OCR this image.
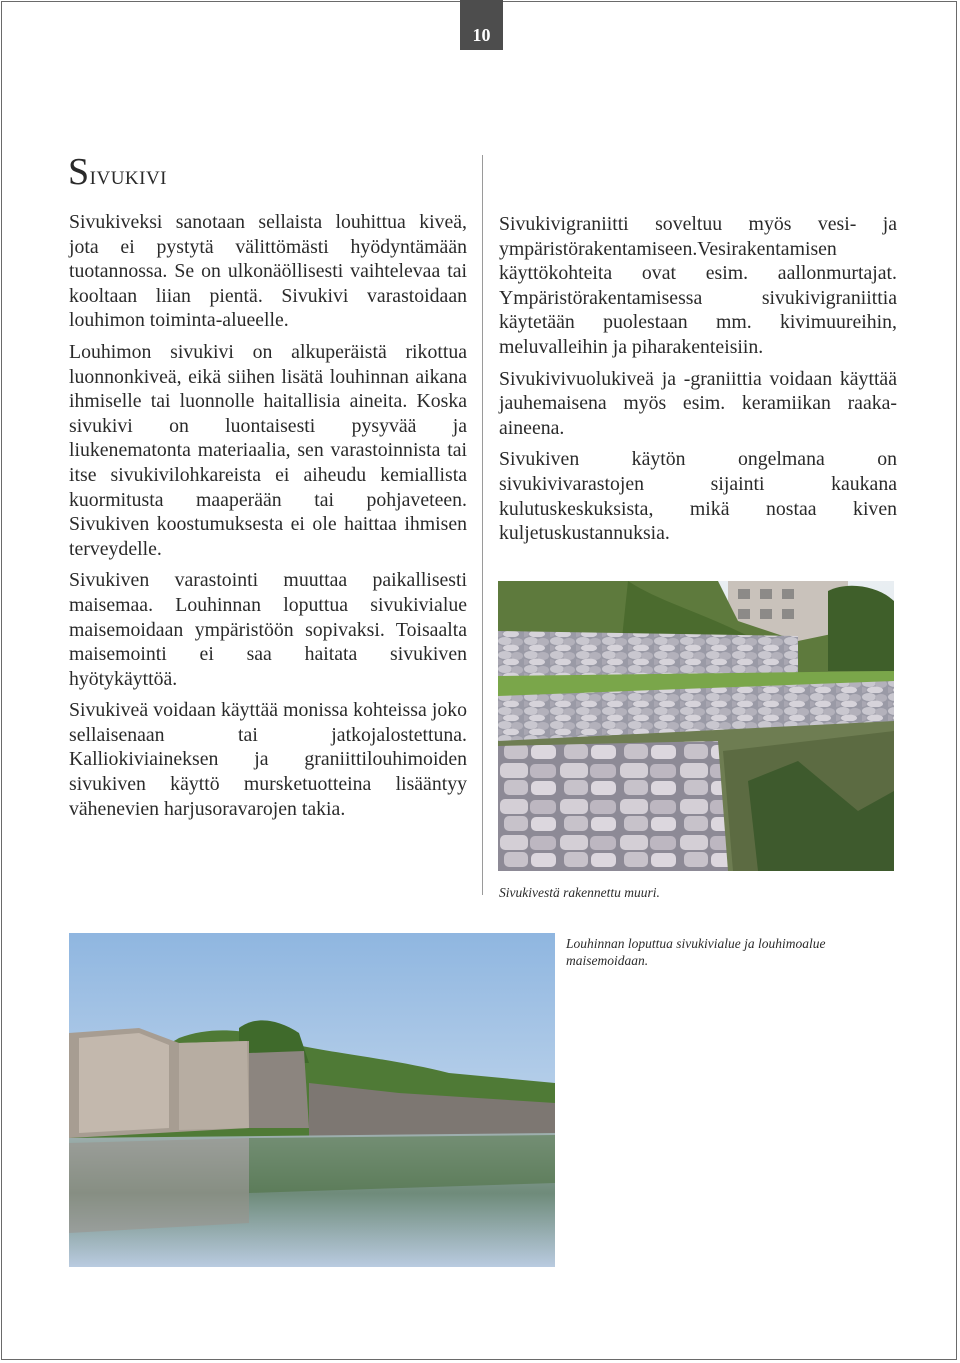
10
Sivukivi

Sivukiveksi sanotaan sellaista louhittua kiveä, jota ei pystytä välittömästi hyödyntämään tuotannossa. Se on ulkonäöllisesti vaihtelevaa tai kooltaan liian pientä. Sivukivi varastoidaan louhimon toiminta-alueelle.

Louhimon sivukivi on alkuperäistä rikottua luonnonkiveä, eikä siihen lisätä louhinnan aikana ihmiselle tai luonnolle haitallisia aineita. Koska sivukivi on luontaisesti pysyvää ja liukenematonta materiaalia, sen varastoinnista tai itse sivukivilohkareista ei aiheudu kemiallista kuormitusta maaperään tai pohjaveteen. Sivukiven koostumuksesta ei ole haittaa ihmisen terveydelle.

Sivukiven varastointi muuttaa paikallisesti maisemaa. Louhinnan loputtua sivukivialue maisemoidaan ympäristöön sopivaksi. Toisaalta maisemointi ei saa haitata sivukiven hyötykäyttöä.

Sivukiveä voidaan käyttää monissa kohteissa joko sellaisenaan tai jatkojalostettuna. Kalliokiviaineksen ja graniittilouhimoiden sivukiven käyttö mursketuotteina lisääntyy vähenevien harjusoravarojen takia.

Sivukivigraniitti soveltuu myös vesi- ja ympäristörakentamiseen.Vesirakentamisen käyttökohteita ovat esim. aallonmurtajat. Ympäristörakentamisessa sivukivigraniittia käytetään puolestaan mm. kivimuureihin, meluvalleihin ja piharakenteisiin.

Sivukivivuolukiveä ja -graniittia voidaan käyttää jauhemaisena myös esim. keramiikan raaka-aineena.

Sivukiven käytön ongelmana on sivukivivarastojen sijainti kaukana kulutuskeskuksista, mikä nostaa kiven kuljetuskustannuksia.

Sivukivestä rakennettu muuri.
Louhinnan loputtua sivukivialue ja louhimoalue maisemoidaan.
